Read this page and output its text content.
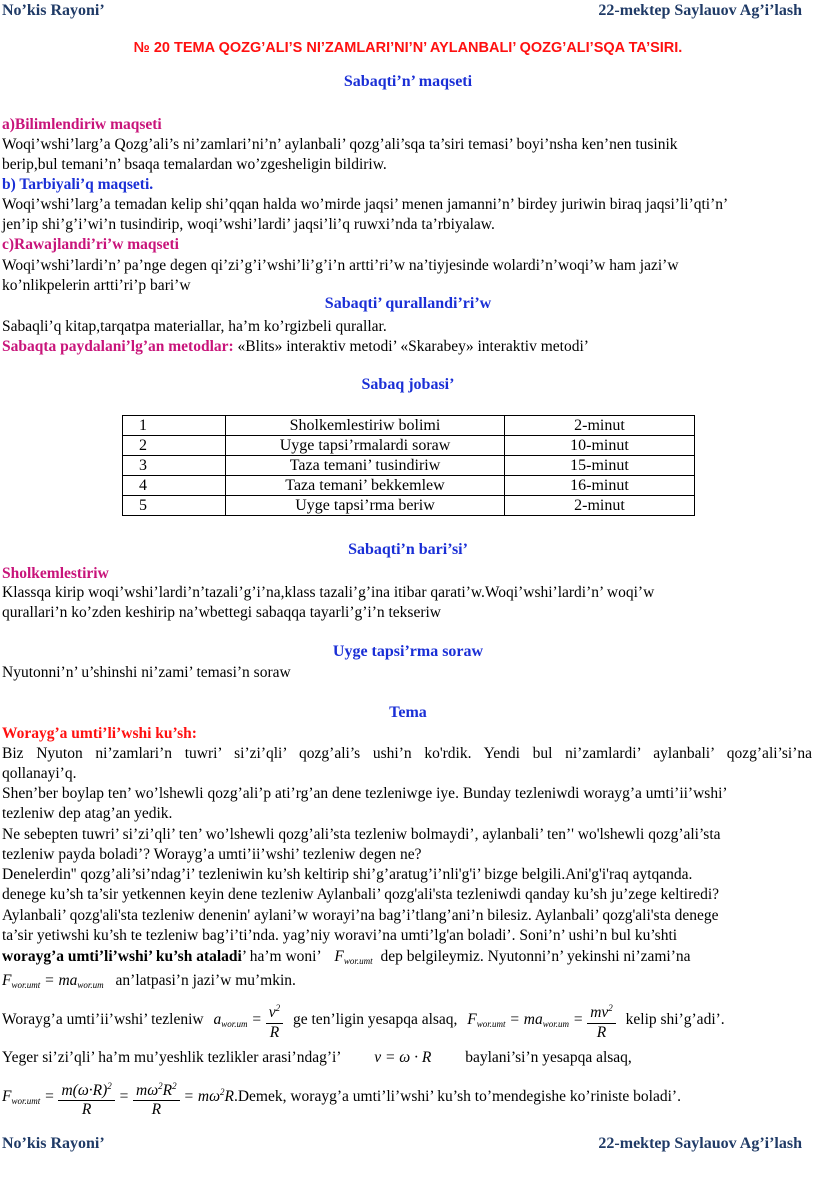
No’kis Rayoni’	22-mektep Saylauov Ag’i’lash
№ 20 TEMA QOZG’ALI’S NI’ZAMLARI’NI’N’ AYLANBALI’ QOZG’ALI’SQA TA’SIRI.
Sabaqti’n’ maqseti
a)Bilimlendiriw maqseti
Woqi’wshi’larg’a Qozg’ali’s ni’zamlari’ni’n’ aylanbali’ qozg’ali’sqa ta’siri temasi’ boyi’nsha ken’nen tusinik
berip,bul temani’n’ bsaqa temalardan wo’zgesheligin bildiriw.
b) Tarbiyali’q maqseti.
Woqi’wshi’larg’a temadan kelip shi’qqan halda wo’mirde jaqsi’ menen jamanni’n’ birdey juriwin biraq jaqsi’li’qti’n’
jen’ip shi’g’i’wi’n tusindirip, woqi’wshi’lardi’ jaqsi’li’q ruwxi’nda ta’rbiyalaw.
c)Rawajlandi’ri’w maqseti
Woqi’wshi’lardi’n’ pa’nge degen qi’zi’g’i’wshi’li’g’i’n artti’ri’w na’tiyjesinde wolardi’n’woqi’w ham jazi’w
ko’nlikpelerin artti’ri’p bari’w
Sabaqti’ qurallandi’ri’w
Sabaqli’q kitap,tarqatpa materiallar, ha’m ko’rgizbeli qurallar.
Sabaqta paydalani’lg’an metodlar: «Blits» interaktiv metodi’ «Skarabey» interaktiv metodi’
Sabaq jobasi’
1	Sholkemlestiriw bolimi	2-minut
2	Uyge tapsi’rmalardi soraw	10-minut
3	Taza temani’ tusindiriw	15-minut
4	Taza temani’ bekkemlew	16-minut
5	Uyge tapsi’rma beriw	2-minut
Sabaqti’n bari’si’
Sholkemlestiriw
Klassqa kirip woqi’wshi’lardi’n’tazali’g’i’na,klass tazali’g’ina itibar qarati’w.Woqi’wshi’lardi’n’ woqi’w
qurallari’n ko’zden keshirip na’wbettegi sabaqqa tayarli’g’i’n tekseriw
Uyge tapsi’rma soraw
Nyutonni’n’ u’shinshi ni’zami’ temasi’n soraw
Tema
Worayg’a umti’li’wshi ku’sh:
Biz Nyuton ni’zamlari’n tuwri’ si’zi’qli’ qozg’ali’s ushi’n ko'rdik. Yendi bul ni’zamlardi’ aylanbali’ qozg’ali’si’na
qollanayi’q.
Shen’ber boylap ten’ wo’lshewli qozg’ali’p ati’rg’an dene tezleniwge iye. Bunday tezleniwdi worayg’a umti’ii’wshi’
tezleniw dep atag’an yedik.
Ne sebepten tuwri’ si’zi’qli’ ten’ wo’lshewli qozg’ali’sta tezleniw bolmaydi’, aylanbali’ ten’' wo'lshewli qozg’ali’sta
tezleniw payda boladi’? Worayg’a umti’ii’wshi’ tezleniw degen ne?
Denelerdin'' qozg’ali’si’ndag’i’ tezleniwin ku’sh keltirip shi’g’aratug’i’nli'g'i’ bizge belgili.Ani'g'i'raq aytqanda.
denege ku’sh ta’sir yetkennen keyin dene tezleniw Aylanbali’ qozg'ali'sta tezleniwdi qanday ku’sh ju’zege keltiredi?
Aylanbali’ qozg'ali'sta tezleniw denenin' aylani’w worayi’na bag’i’tlang’ani’n bilesiz. Aylanbali’ qozg'ali'sta denege
ta’sir yetiwshi ku’sh te tezleniw bag’i’ti’nda. yag’niy woravi’na umti’lg'an boladi’. Soni’n’ ushi’n bul ku’shti
worayg’a umti’li’wshi’ ku’sh ataladi’ ha’m woni’ $F_{wor.umt}$ dep belgileymiz. Nyutonni’n’ yekinshi ni’zami’na
$F_{wor.umt} = ma_{wor.um}$ an’latpasi’n jazi’w mu’mkin.
Worayg’a umti’ii’wshi’ tezleniw $a_{wor.um} = \frac{v^2}{R}$ ge ten’ligin yesapqa alsaq, $F_{wor.umt} = ma_{wor.um} = \frac{mv^2}{R}$ kelip shi’g’adi’.
Yeger si’zi’qli’ ha’m mu’yeshlik tezlikler arasi’ndag’i’ v = ω · R baylani’si’n yesapqa alsaq,
$F_{wor.umt} = \frac{m(\omega\cdot R)^2}{R} = \frac{m\omega^2R^2}{R}$ = $m\omega^2R.Demek$, worayg’a umti’li’wshi’ ku’sh to’mendegishe ko’riniste boladi’.
No’kis Rayoni’	22-mektep Saylauov Ag’i’lash
